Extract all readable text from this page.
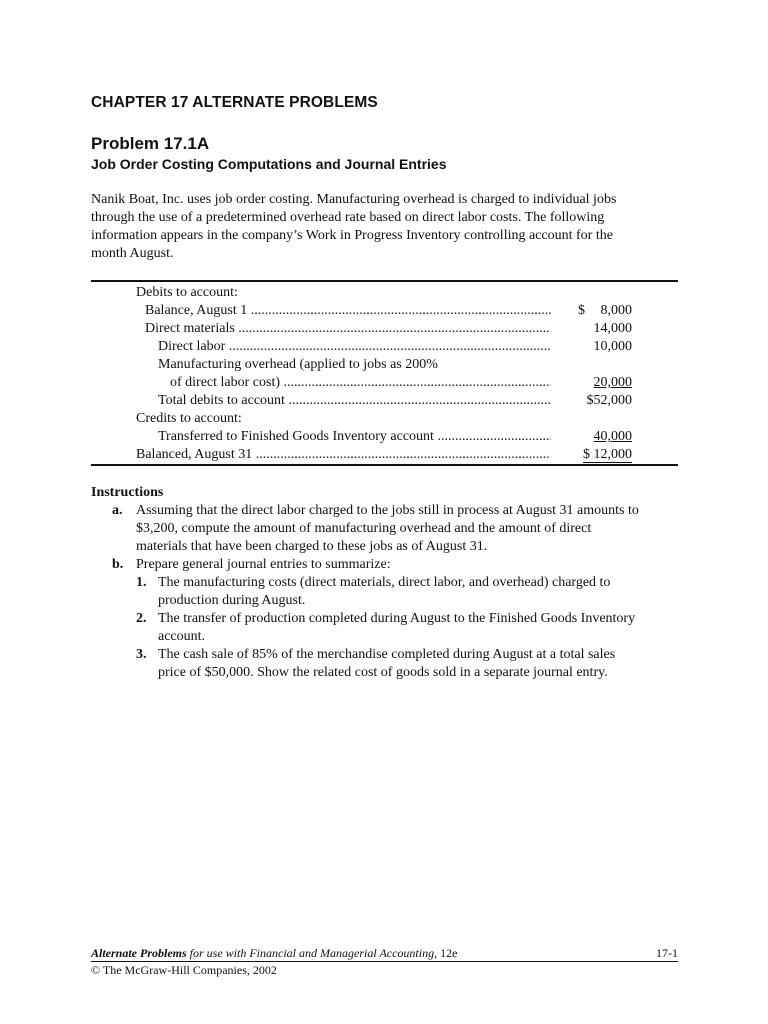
CHAPTER 17 ALTERNATE PROBLEMS
Problem 17.1A
Job Order Costing Computations and Journal Entries
Nanik Boat, Inc. uses job order costing. Manufacturing overhead is charged to individual jobs
through the use of a predetermined overhead rate based on direct labor costs. The following
information appears in the company’s Work in Progress Inventory controlling account for the
month August.
Debits to account:
Balance, August 1 .....	$ 8,000
Direct materials .....	14,000
Direct labor .....	10,000
Manufacturing overhead (applied to jobs as 200%
of direct labor cost) .....	20,000
Total debits to account .....	$52,000
Credits to account:
Transferred to Finished Goods Inventory account .....	40,000
Balanced, August 31 .....	$ 12,000
Instructions
a. Assuming that the direct labor charged to the jobs still in process at August 31 amounts to
$3,200, compute the amount of manufacturing overhead and the amount of direct
materials that have been charged to these jobs as of August 31.
b. Prepare general journal entries to summarize:
1. The manufacturing costs (direct materials, direct labor, and overhead) charged to
production during August.
2. The transfer of production completed during August to the Finished Goods Inventory
account.
3. The cash sale of 85% of the merchandise completed during August at a total sales
price of $50,000. Show the related cost of goods sold in a separate journal entry.
Alternate Problems for use with Financial and Managerial Accounting, 12e	17-1
© The McGraw-Hill Companies, 2002
